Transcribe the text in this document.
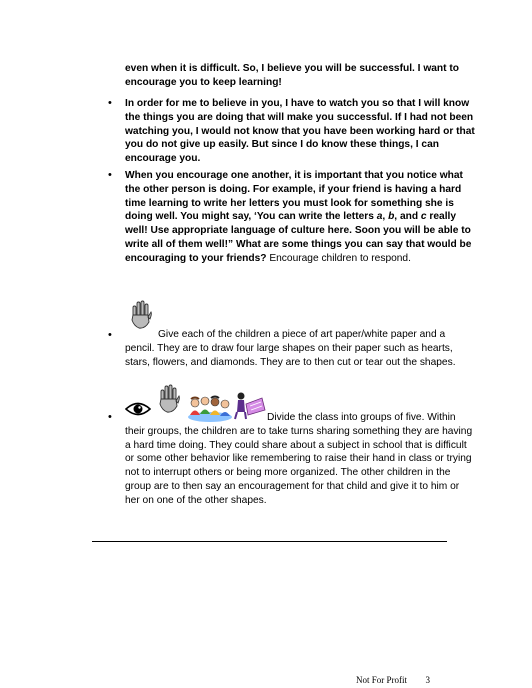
even when it is difficult. So, I believe you will be successful. I want to encourage you to keep learning!
• In order for me to believe in you, I have to watch you so that I will know the things you are doing that will make you successful. If I had not been watching you, I would not know that you have been working hard or that you do not give up easily. But since I do know these things, I can encourage you.
• When you encourage one another, it is important that you notice what the other person is doing. For example, if your friend is having a hard time learning to write her letters you must look for something she is doing well. You might say, ‘You can write the letters a, b, and c really well! Use appropriate language of culture here. Soon you will be able to write all of them well!” What are some things you can say that would be encouraging to your friends? Encourage children to respond.
•	Give each of the children a piece of art paper/white paper and a pencil. They are to draw four large shapes on their paper such as hearts, stars, flowers, and diamonds. They are to then cut or tear out the shapes.
•	Divide the class into groups of five. Within their groups, the children are to take turns sharing something they are having a hard time doing. They could share about a subject in school that is difficult or some other behavior like remembering to raise their hand in class or trying not to interrupt others or being more organized. The other children in the group are to then say an encouragement for that child and give it to him or her on one of the other shapes.
Not For Profit 3
